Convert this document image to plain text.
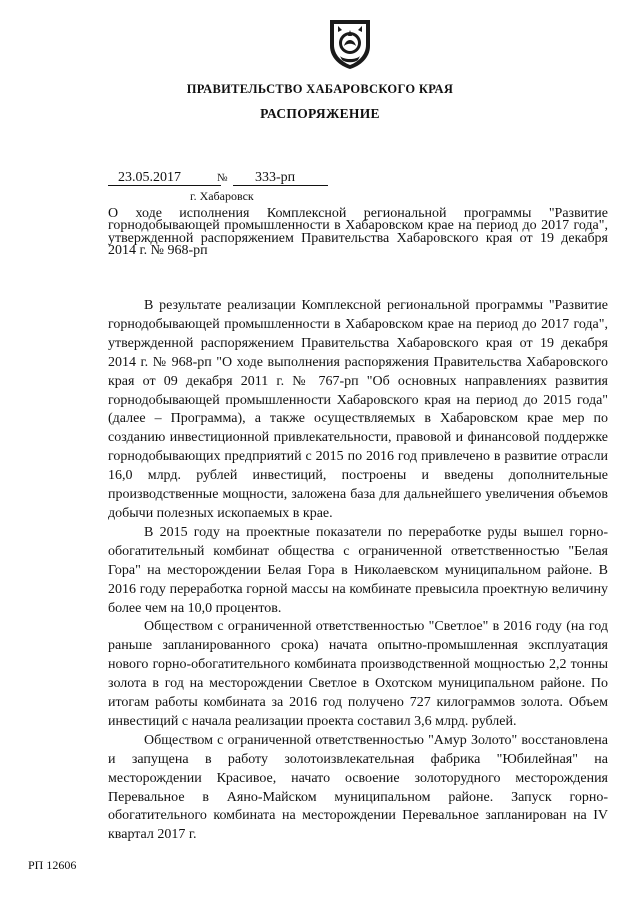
ПРАВИТЕЛЬСТВО ХАБАРОВСКОГО КРАЯ
РАСПОРЯЖЕНИЕ
23.05.2017	№	333-рп
г. Хабаровск
О ходе исполнения Комплексной региональной программы "Развитие горнодобывающей промышленности в Хабаровском крае на период до 2017 года", утвержденной распоряжением Правительства Хабаровского края от 19 декабря 2014 г. № 968-рп

В результате реализации Комплексной региональной программы "Развитие горнодобывающей промышленности в Хабаровском крае на период до 2017 года", утвержденной распоряжением Правительства Хабаровского края от 19 декабря 2014 г. № 968-рп "О ходе выполнения распоряжения Правительства Хабаровского края от 09 декабря 2011 г. № 767-рп "Об основных направлениях развития горнодобывающей промышленности Хабаровского края на период до 2015 года" (далее – Программа), а также осуществляемых в Хабаровском крае мер по созданию инвестиционной привлекательности, правовой и финансовой поддержке горнодобывающих предприятий с 2015 по 2016 год привлечено в развитие отрасли 16,0 млрд. рублей инвестиций, построены и введены дополнительные производственные мощности, заложена база для дальнейшего увеличения объемов добычи полезных ископаемых в крае.

В 2015 году на проектные показатели по переработке руды вышел горно-обогатительный комбинат общества с ограниченной ответственностью "Белая Гора" на месторождении Белая Гора в Николаевском муниципальном районе. В 2016 году переработка горной массы на комбинате превысила проектную величину более чем на 10,0 процентов.

Обществом с ограниченной ответственностью "Светлое" в 2016 году (на год раньше запланированного срока) начата опытно-промышленная эксплуатация нового горно-обогатительного комбината производственной мощностью 2,2 тонны золота в год на месторождении Светлое в Охотском муниципальном районе. По итогам работы комбината за 2016 год получено 727 килограммов золота. Объем инвестиций с начала реализации проекта составил 3,6 млрд. рублей.

Обществом с ограниченной ответственностью "Амур Золото" восстановлена и запущена в работу золотоизвлекательная фабрика "Юбилейная" на месторождении Красивое, начато освоение золоторудного месторождения Перевальное в Аяно-Майском муниципальном районе. Запуск горно-обогатительного комбината на месторождении Перевальное запланирован на IV квартал 2017 г.

РП 12606
